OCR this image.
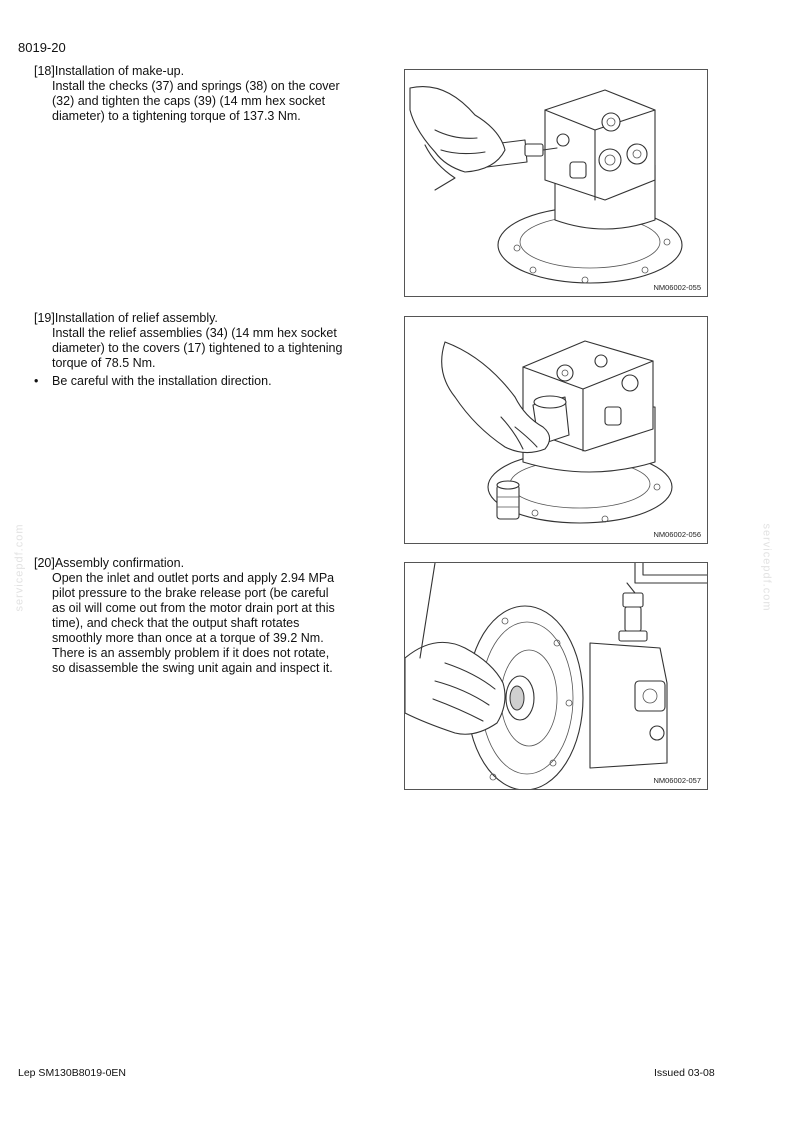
8019-20
servicepdf.com	servicepdf.com
[18]Installation of make-up.
Install the checks (37) and springs (38) on the cover
(32) and tighten the caps (39) (14 mm hex socket
diameter) to a tightening torque of 137.3 Nm.
NM06002-055
[19]Installation of relief assembly.
Install the relief assemblies (34) (14 mm hex socket
diameter) to the covers (17) tightened to a tightening
torque of 78.5 Nm.
• Be careful with the installation direction.
NM06002-056
[20]Assembly confirmation.
Open the inlet and outlet ports and apply 2.94 MPa
pilot pressure to the brake release port (be careful
as oil will come out from the motor drain port at this
time), and check that the output shaft rotates
smoothly more than once at a torque of 39.2 Nm.
There is an assembly problem if it does not rotate,
so disassemble the swing unit again and inspect it.
NM06002-057
Lep SM130B8019-0EN	Issued 03-08
